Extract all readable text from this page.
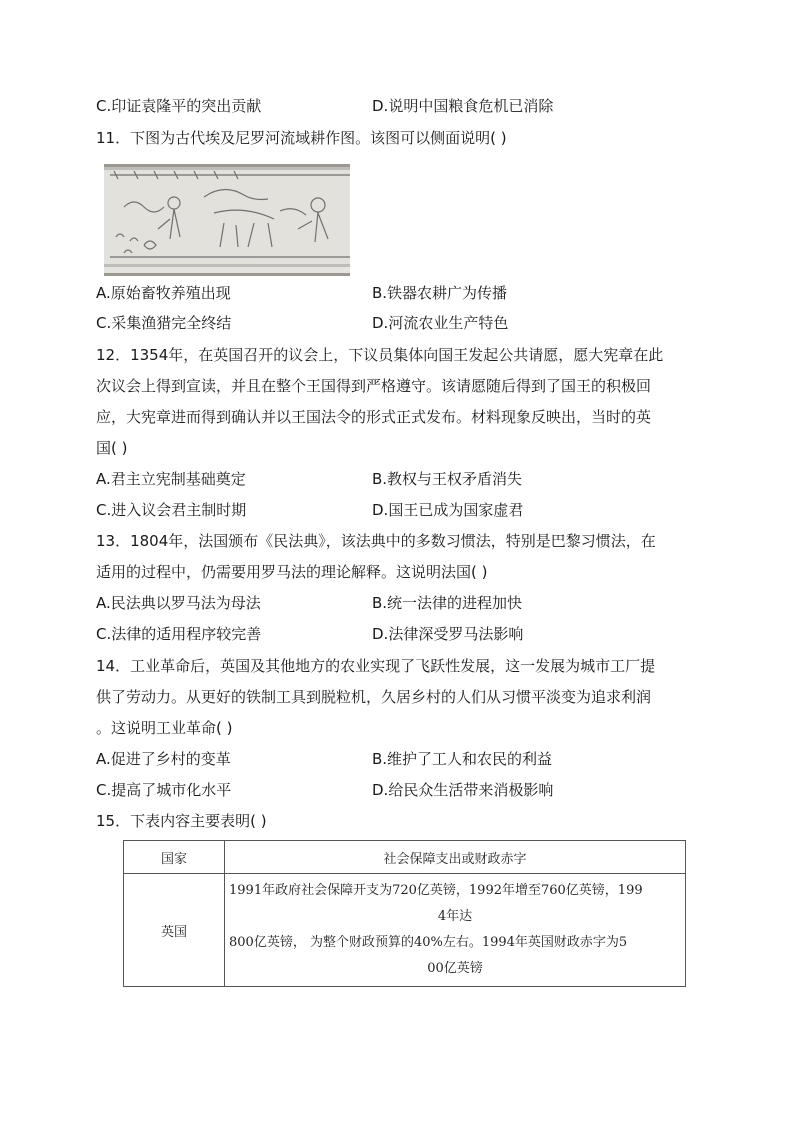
C.印证袁隆平的突出贡献	D.说明中国粮食危机已消除
11．下图为古代埃及尼罗河流域耕作图。该图可以侧面说明( )
A.原始畜牧养殖出现	B.铁器农耕广为传播
C.采集渔猎完全终结	D.河流农业生产特色
12．1354年，在英国召开的议会上，下议员集体向国王发起公共请愿，愿大宪章在此
次议会上得到宣读，并且在整个王国得到严格遵守。该请愿随后得到了国王的积极回
应，大宪章进而得到确认并以王国法令的形式正式发布。材料现象反映出，当时的英
国( )
A.君主立宪制基础奠定	B.教权与王权矛盾消失
C.进入议会君主制时期	D.国王已成为国家虚君
13．1804年，法国颁布《民法典》，该法典中的多数习惯法，特别是巴黎习惯法，在
适用的过程中，仍需要用罗马法的理论解释。这说明法国( )
A.民法典以罗马法为母法	B.统一法律的进程加快
C.法律的适用程序较完善	D.法律深受罗马法影响
14．工业革命后，英国及其他地方的农业实现了飞跃性发展，这一发展为城市工厂提
供了劳动力。从更好的铁制工具到脱粒机，久居乡村的人们从习惯平淡变为追求利润
。这说明工业革命( )
A.促进了乡村的变革	B.维护了工人和农民的利益
C.提高了城市化水平	D.给民众生活带来消极影响
15．下表内容主要表明( )
国家	社会保障支出或财政赤字
英国	1991年政府社会保障开支为720亿英镑，1992年增至760亿英镑，199
4年达
800亿英镑， 为整个财政预算的40%左右。1994年英国财政赤字为5
00亿英镑
